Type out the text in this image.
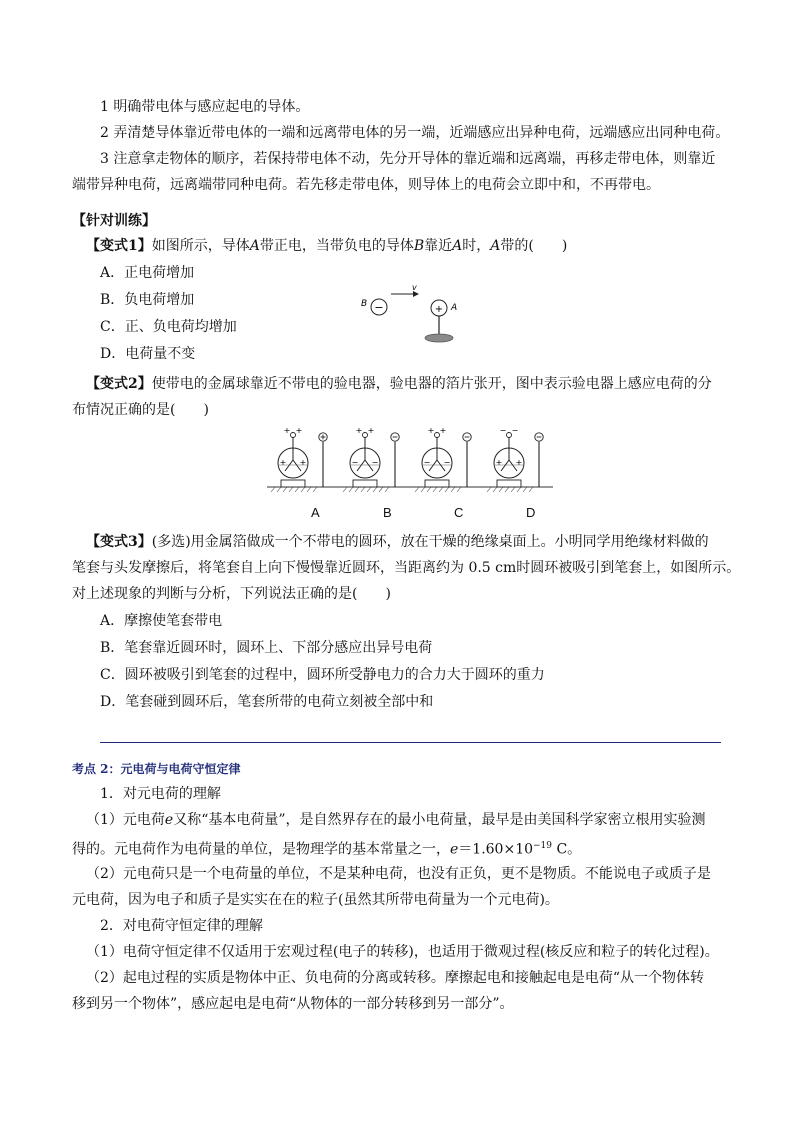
1 明确带电体与感应起电的导体。
2 弄清楚导体靠近带电体的一端和远离带电体的另一端，近端感应出异种电荷，远端感应出同种电荷。
3 注意拿走物体的顺序，若保持带电体不动，先分开导体的靠近端和远离端，再移走带电体，则靠近
端带异种电荷，远离端带同种电荷。若先移走带电体，则导体上的电荷会立即中和，不再带电。
【针对训练】
【变式1】如图所示，导体A带正电，当带负电的导体B靠近A时，A带的(　　)
A．正电荷增加
B．负电荷增加
C．正、负电荷均增加
D．电荷量不变
B −
v
+ A
【变式2】使带电的金属球靠近不带电的验电器，验电器的箔片张开，图中表示验电器上感应电荷的分
布情况正确的是(　　)
+ +
+ +
+ +
− −
+ +
− −
− −
+ +
A	B	C	D
【变式3】(多选)用金属箔做成一个不带电的圆环，放在干燥的绝缘桌面上。小明同学用绝缘材料做的
笔套与头发摩擦后，将笔套自上向下慢慢靠近圆环，当距离约为 0.5 cm时圆环被吸引到笔套上，如图所示。
对上述现象的判断与分析，下列说法正确的是(　　)
A．摩擦使笔套带电
B．笔套靠近圆环时，圆环上、下部分感应出异号电荷
C．圆环被吸引到笔套的过程中，圆环所受静电力的合力大于圆环的重力
D．笔套碰到圆环后，笔套所带的电荷立刻被全部中和
考点 2：元电荷与电荷守恒定律
1．对元电荷的理解
（1）元电荷e又称“基本电荷量”，是自然界存在的最小电荷量，最早是由美国科学家密立根用实验测
得的。元电荷作为电荷量的单位，是物理学的基本常量之一，$e=1.60\times 10^{-19}$ C。
（2）元电荷只是一个电荷量的单位，不是某种电荷，也没有正负，更不是物质。不能说电子或质子是
元电荷，因为电子和质子是实实在在的粒子(虽然其所带电荷量为一个元电荷)。
2．对电荷守恒定律的理解
（1）电荷守恒定律不仅适用于宏观过程(电子的转移)，也适用于微观过程(核反应和粒子的转化过程)。
（2）起电过程的实质是物体中正、负电荷的分离或转移。摩擦起电和接触起电是电荷“从一个物体转
移到另一个物体”，感应起电是电荷“从物体的一部分转移到另一部分”。
